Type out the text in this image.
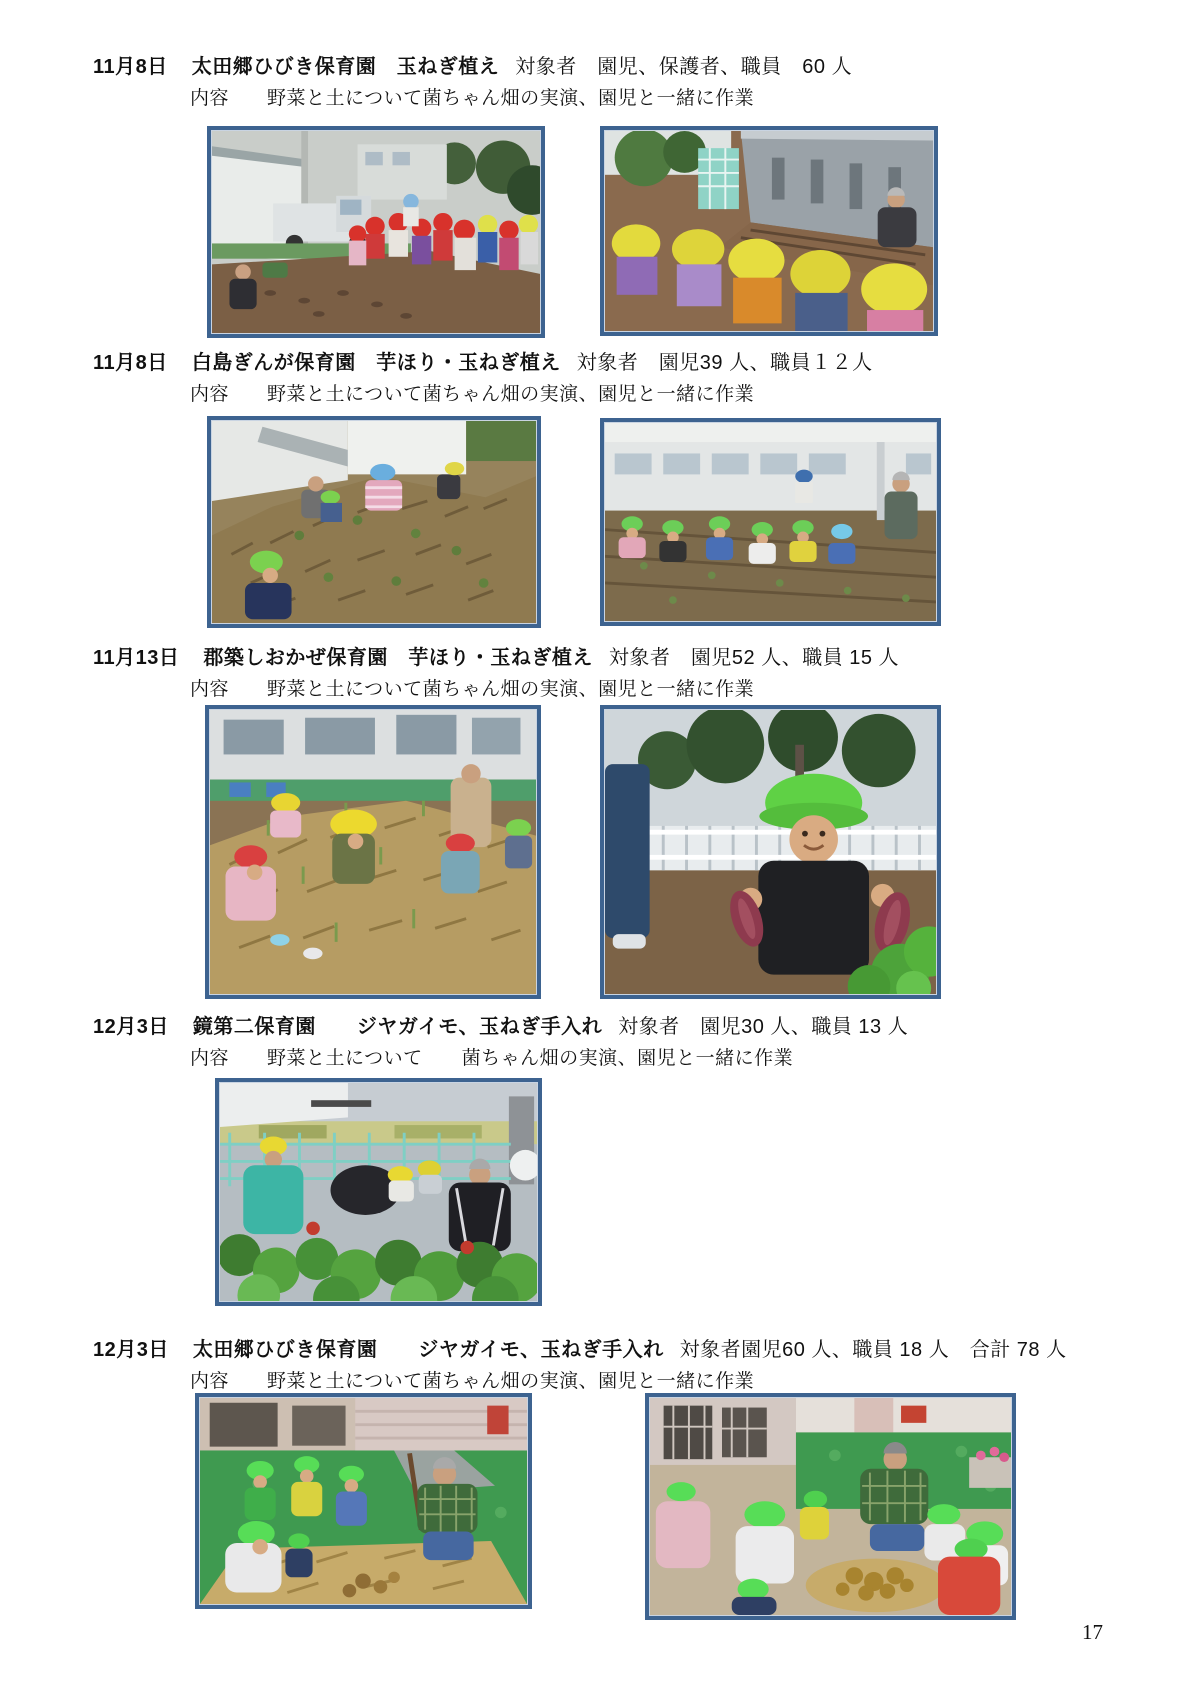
11月8日 太田郷ひびき保育園　玉ねぎ植え 対象者　園児、保護者、職員　60 人
内容 野菜と土について菌ちゃん畑の実演、園児と一緒に作業
11月8日 白島ぎんが保育園　芋ほり・玉ねぎ植え 対象者　園児39 人、職員１２人
内容 野菜と土について菌ちゃん畑の実演、園児と一緒に作業
11月13日 郡築しおかぜ保育園　芋ほり・玉ねぎ植え 対象者　園児52 人、職員 15 人
内容 野菜と土について菌ちゃん畑の実演、園児と一緒に作業
12月3日 鏡第二保育園　　ジヤガイモ、玉ねぎ手入れ 対象者　園児30 人、職員 13 人
内容 野菜と土について　　菌ちゃん畑の実演、園児と一緒に作業
12月3日 太田郷ひびき保育園　　ジヤガイモ、玉ねぎ手入れ 対象者園児60 人、職員 18 人　合計 78 人
内容 野菜と土について菌ちゃん畑の実演、園児と一緒に作業
17
